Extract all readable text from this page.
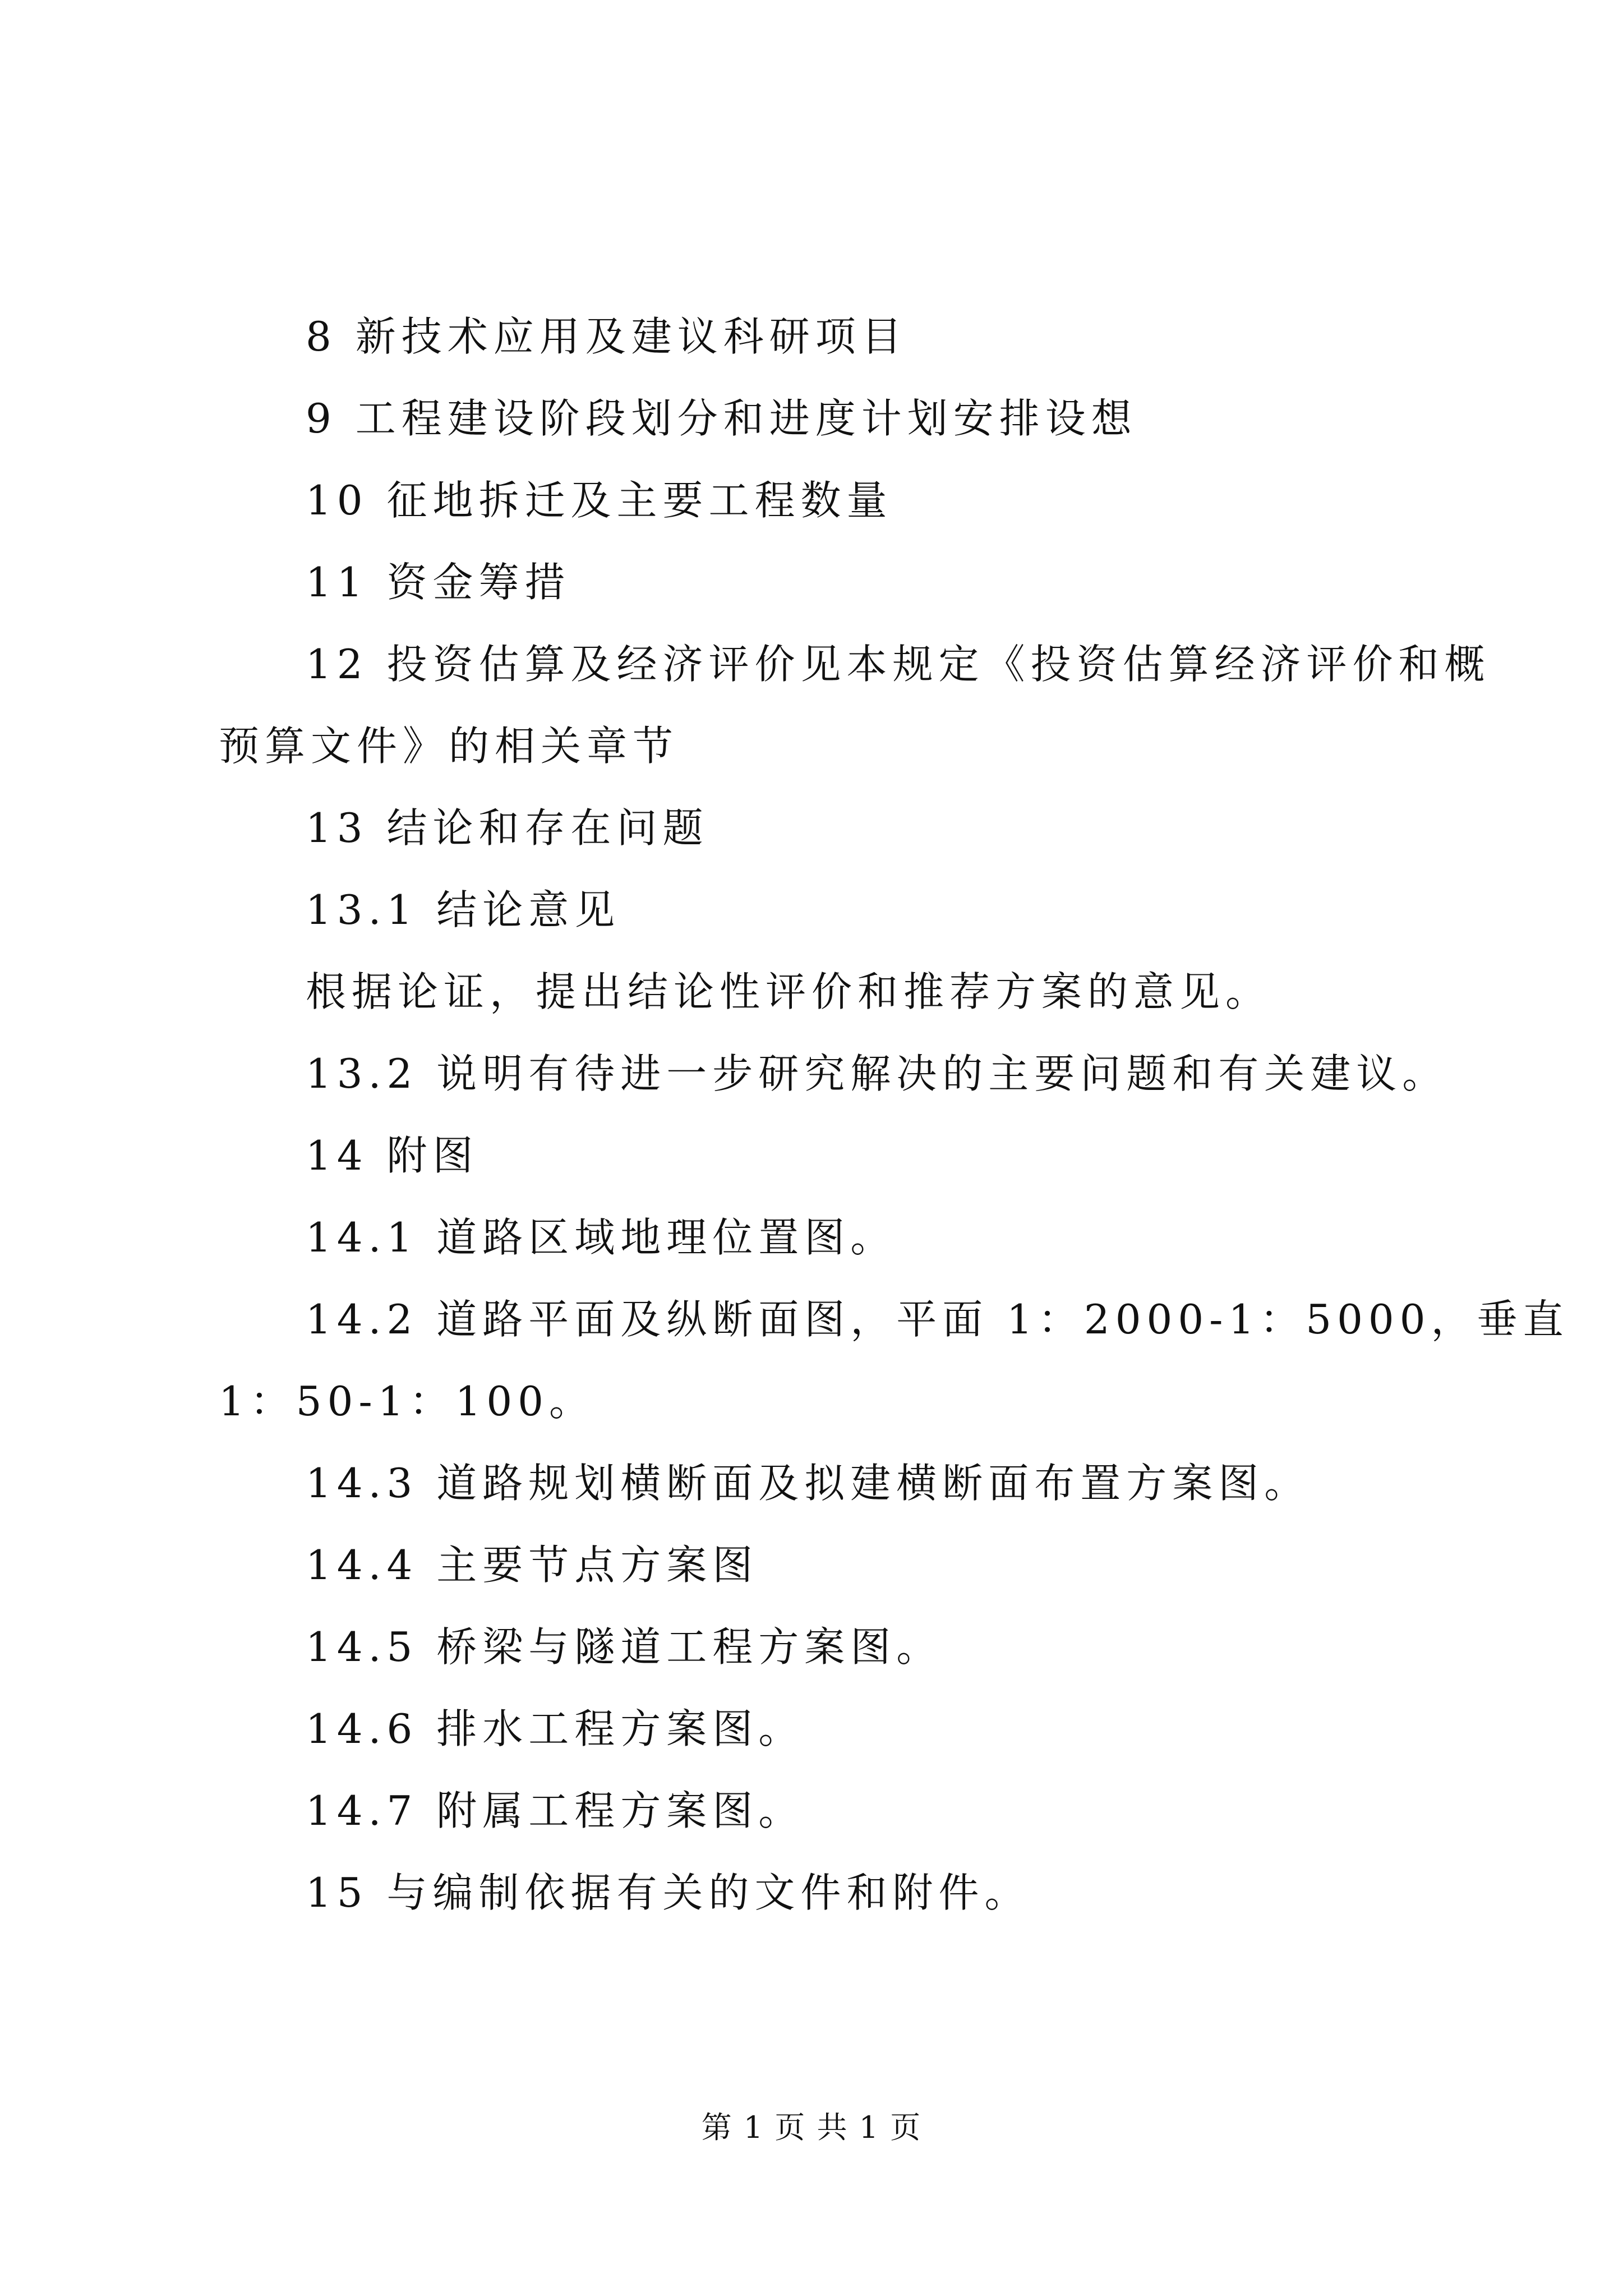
8 新技术应用及建议科研项目
9 工程建设阶段划分和进度计划安排设想
10 征地拆迁及主要工程数量
11 资金筹措
12 投资估算及经济评价见本规定《投资估算经济评价和概
预算文件》的相关章节
13 结论和存在问题
13.1 结论意见
根据论证，提出结论性评价和推荐方案的意见。
13.2 说明有待进一步研究解决的主要问题和有关建议。
14 附图
14.1 道路区域地理位置图。
14.2 道路平面及纵断面图，平面 1：2000-1：5000，垂直
1：50-1：100。
14.3 道路规划横断面及拟建横断面布置方案图。
14.4 主要节点方案图
14.5 桥梁与隧道工程方案图。
14.6 排水工程方案图。
14.7 附属工程方案图。
15 与编制依据有关的文件和附件。
第 1 页 共 1 页
